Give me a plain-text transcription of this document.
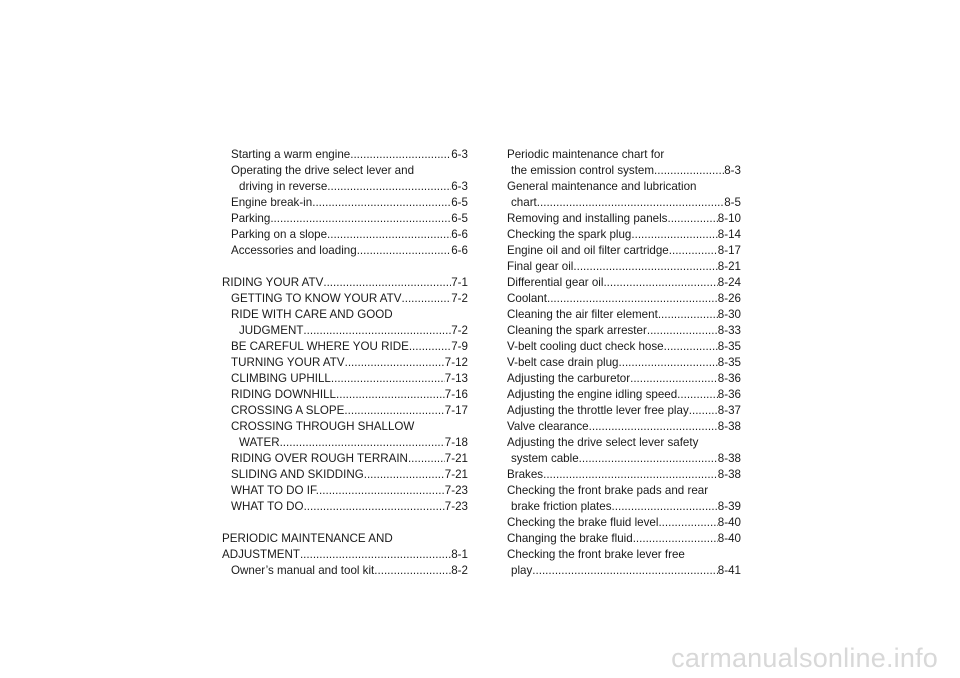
Starting a warm engine .....	6-3
Operating the drive select lever and
driving in reverse .....	6-3
Engine break-in .....	6-5
Parking .....	6-5
Parking on a slope .....	6-6
Accessories and loading .....	6-6
RIDING YOUR ATV .....	7-1
GETTING TO KNOW YOUR ATV .....	7-2
RIDE WITH CARE AND GOOD
JUDGMENT .....	7-2
BE CAREFUL WHERE YOU RIDE .....	7-9
TURNING YOUR ATV .....	7-12
CLIMBING UPHILL .....	7-13
RIDING DOWNHILL .....	7-16
CROSSING A SLOPE .....	7-17
CROSSING THROUGH SHALLOW
WATER .....	7-18
RIDING OVER ROUGH TERRAIN .....	7-21
SLIDING AND SKIDDING .....	7-21
WHAT TO DO IF... .....	7-23
WHAT TO DO... .....	7-23
PERIODIC MAINTENANCE AND
ADJUSTMENT .....	8-1
Owner’s manual and tool kit .....	8-2
Periodic maintenance chart for
the emission control system .....	8-3
General maintenance and lubrication
chart .....	8-5
Removing and installing panels .....	8-10
Checking the spark plug .....	8-14
Engine oil and oil filter cartridge .....	8-17
Final gear oil .....	8-21
Differential gear oil .....	8-24
Coolant .....	8-26
Cleaning the air filter element .....	8-30
Cleaning the spark arrester .....	8-33
V-belt cooling duct check hose .....	8-35
V-belt case drain plug .....	8-35
Adjusting the carburetor .....	8-36
Adjusting the engine idling speed .....	8-36
Adjusting the throttle lever free play .....	8-37
Valve clearance .....	8-38
Adjusting the drive select lever safety
system cable .....	8-38
Brakes .....	8-38
Checking the front brake pads and rear
brake friction plates .....	8-39
Checking the brake fluid level .....	8-40
Changing the brake fluid .....	8-40
Checking the front brake lever free
play .....	8-41
carmanualsonline.info
